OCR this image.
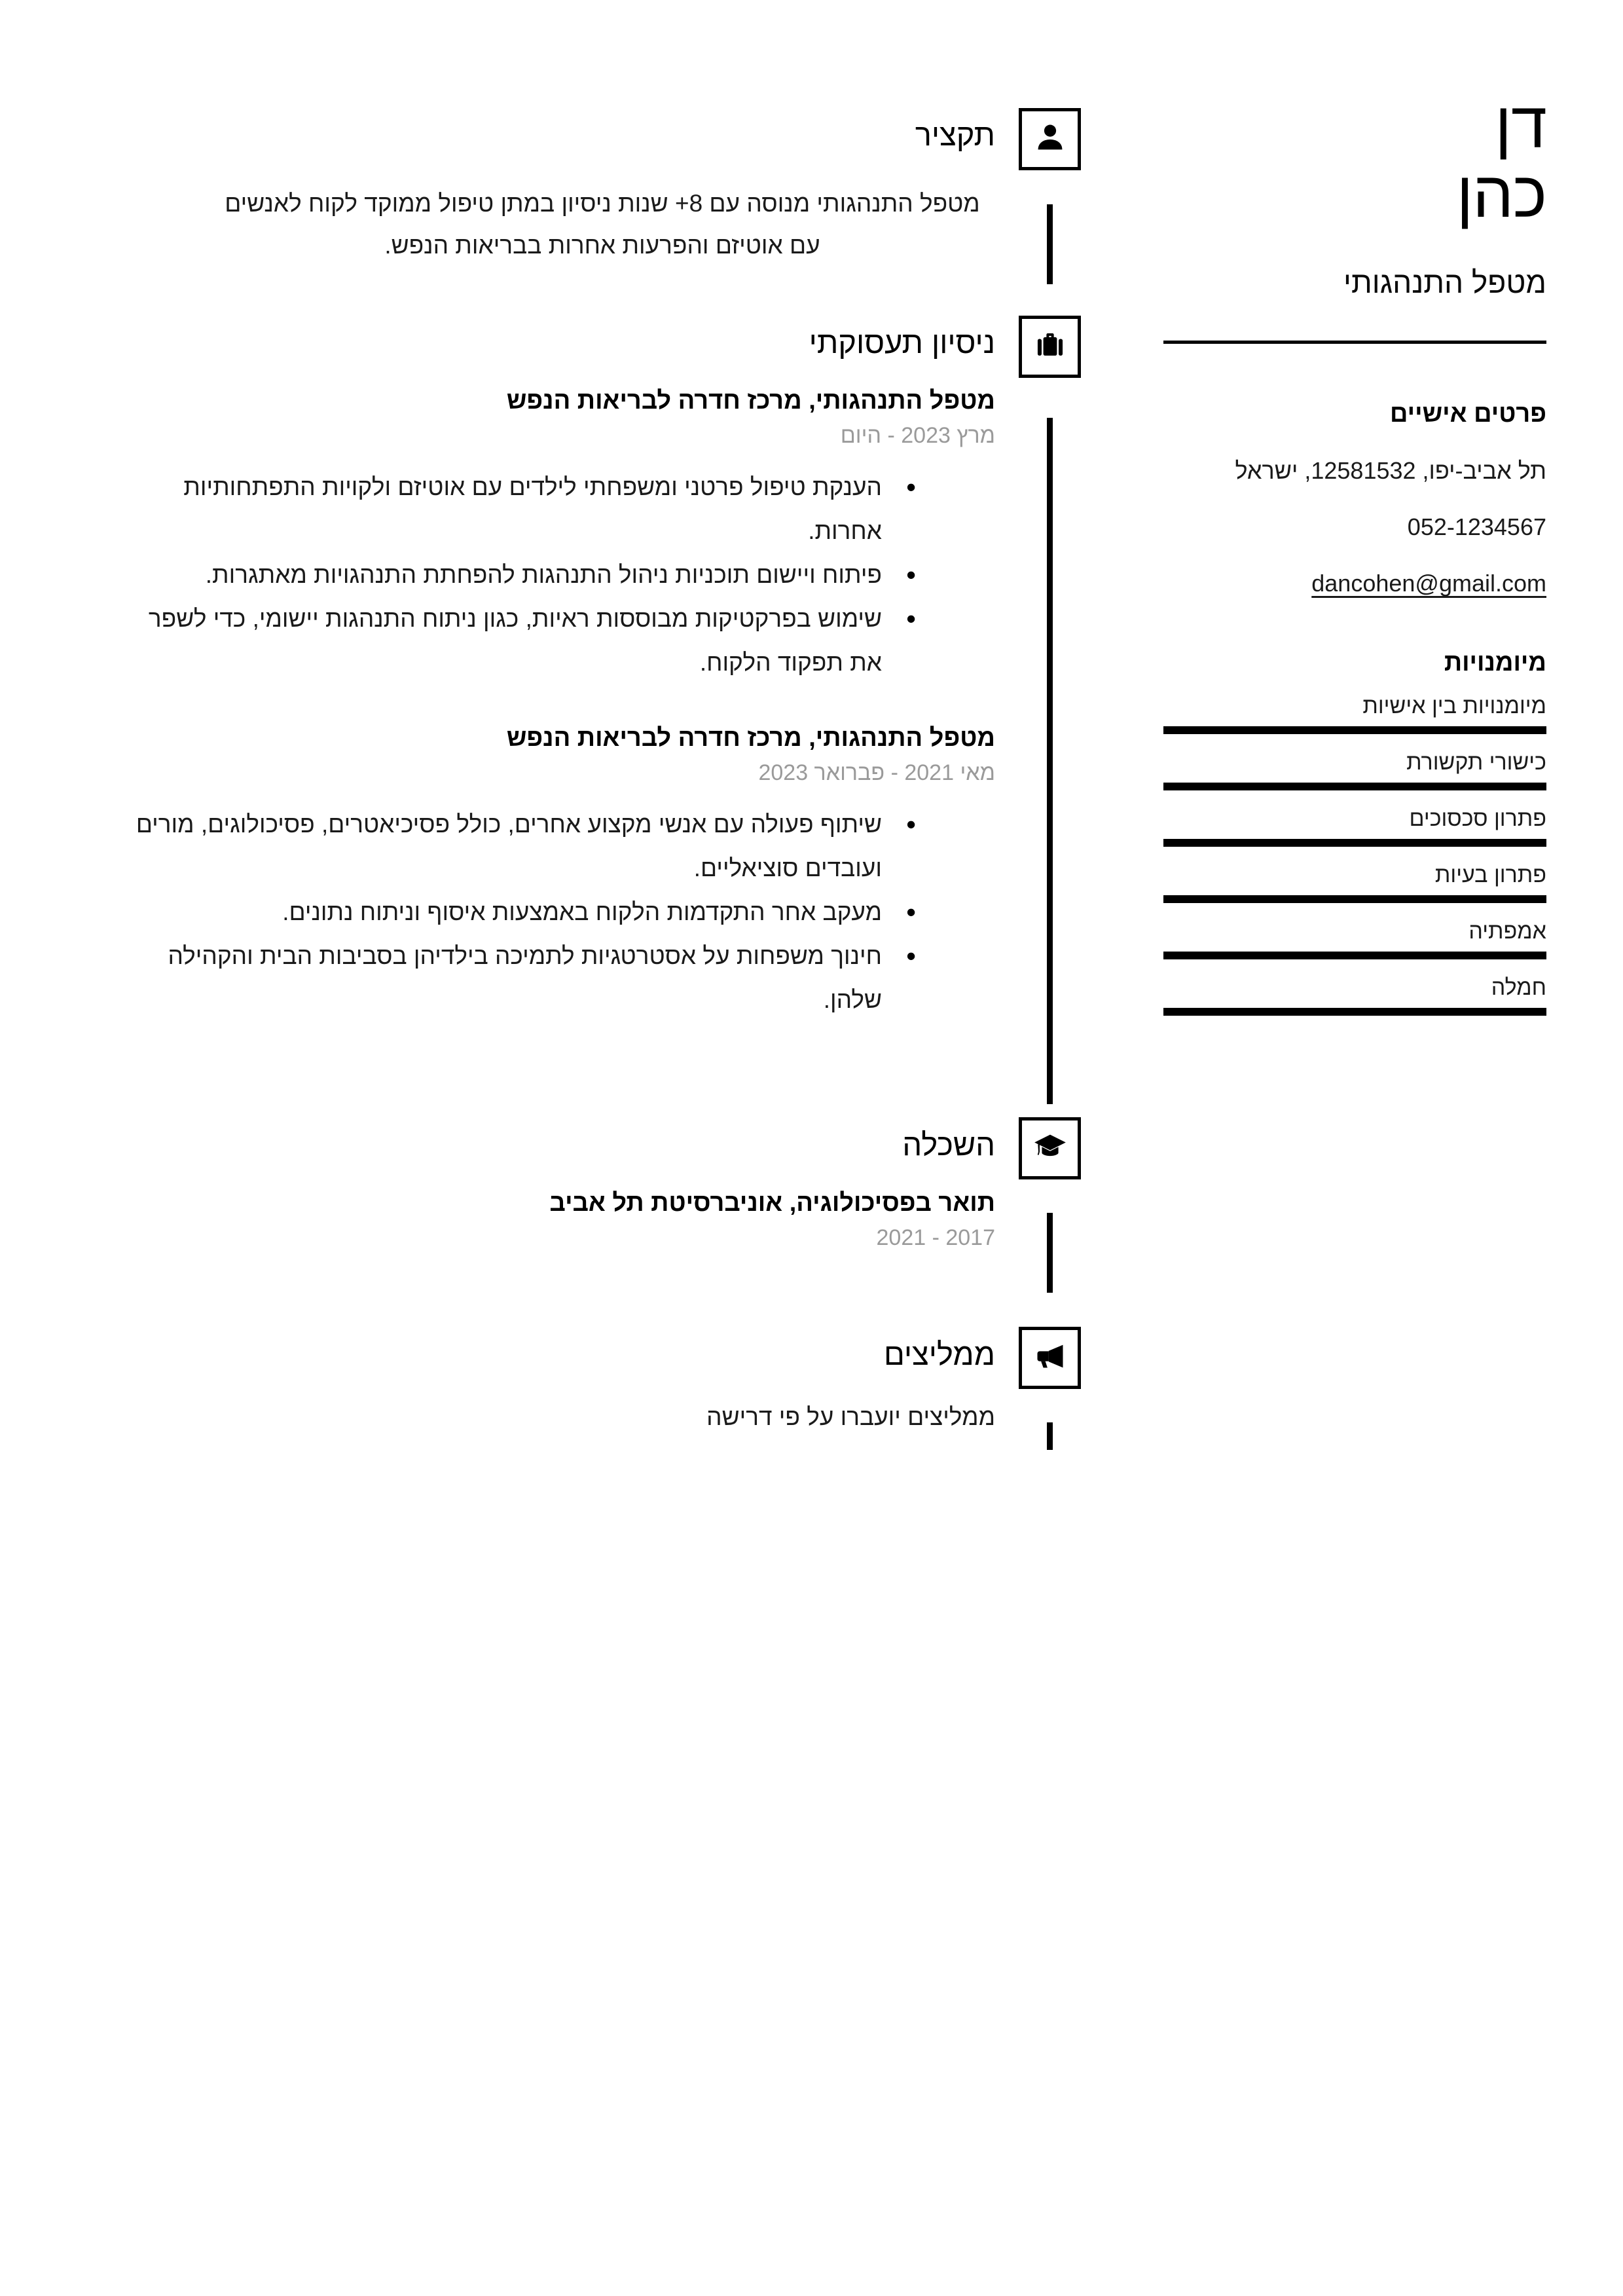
דן
כהן
מטפל התנהגותי
פרטים אישיים

תל אביב-יפו, 12581532, ישראל

052-1234567

dancohen@gmail.com

מיומנויות
מיומנויות בין אישיות
כישורי תקשורת
פתרון סכסוכים
פתרון בעיות
אמפתיה
חמלה
תקציר

מטפל התנהגותי מנוסה עם 8+ שנות ניסיון במתן טיפול ממוקד לקוח לאנשים עם אוטיזם והפרעות אחרות בבריאות הנפש.

ניסיון תעסוקתי
מטפל התנהגותי, מרכז חדרה לבריאות הנפש
מרץ 2023 - היום
• הענקת טיפול פרטני ומשפחתי לילדים עם אוטיזם ולקויות התפתחותיות אחרות.
• פיתוח ויישום תוכניות ניהול התנהגות להפחתת התנהגויות מאתגרות.
• שימוש בפרקטיקות מבוססות ראיות, כגון ניתוח התנהגות יישומי, כדי לשפר את תפקוד הלקוח.
מטפל התנהגותי, מרכז חדרה לבריאות הנפש
מאי 2021 - פברואר 2023
• שיתוף פעולה עם אנשי מקצוע אחרים, כולל פסיכיאטרים, פסיכולוגים, מורים ועובדים סוציאליים.
• מעקב אחר התקדמות הלקוח באמצעות איסוף וניתוח נתונים.
• חינוך משפחות על אסטרטגיות לתמיכה בילדיהן בסביבות הבית והקהילה שלהן.
השכלה
תואר בפסיכולוגיה, אוניברסיטת תל אביב
2017 - 2021
ממליצים

ממליצים יועברו על פי דרישה
